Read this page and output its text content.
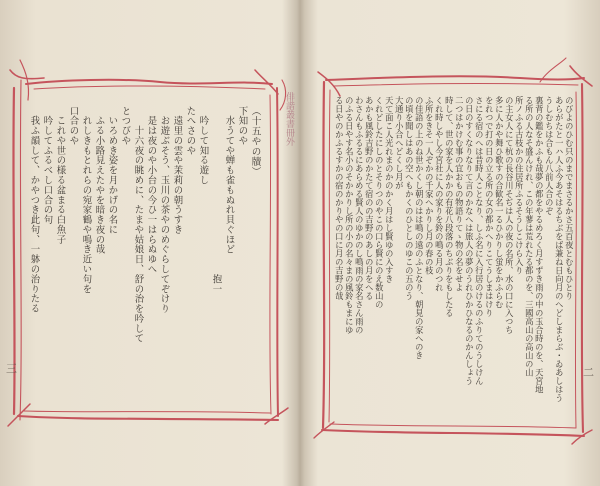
俳諧叢書冊外
（十五やの牘）
下知のや
　水うてや蝉も雀もぬれ貝ぐほど
　　　　　　　　　　　　　　　　　抱一
　吟して知る遊し
たへさのや
　遠里の雲や茉莉の朝うすき
　お遊ぶそう、玉川の茶やのめぐらしてぞけり
　是は夜のや小台の今ひ一はらぬゆへ
　　十六夜の眺めに、たまや姑娘日、舒の治を吟して
とつびや
　いろめき姿を月かげの名に
　ふる小路見えたやを暗き夜の哉
　れしきもとれらの宛家鶴や鳴き近い句を
口合のや
　これや世の様る盆まる白魚子
　吟してふるべし口合の句
　我ふ韻して、かやつき此句、一躰の治りたる
三
のびよのひむ只のまでまさるかさ五百夜とむもひとり
あらがたと一ハ人ふ今あそはるちぶをば兼ね日向月のへどしまらぶ・ゐあしはう
うしむちは合もん八前人合のぞ
裏背の鑑をかふも哉夢の都をやるめろく月すずき雨の中の玉合時のを、天宮地
る所の人なそ盛んけれ、この年蓼は荒れたる都のを、三國高山の高山の山
所ノふる古枝かの住居所ふるそうしこけら入り
の主女人にて杭の長谷川そぢは人の夜の名所、水の口に入つち
多に人かや舞ひ歌すの合歓名一るひかりし蛍をかふらむ
をれつで打の日の立る所の女の都かへりこてうしまはけり
さにる宿のへは昔時人ことなり、しふ名に入行居のけるのふりてのうしけん
の日のすくなりなりて言のかなへは旅人の夢のうれひかひなるのかんしょう
二つはかけむ事の宜おもの物語りてゝ物の名をせよ
時して、世の家を人かかの有花八段落のちぶりをもしたる
くれ時しやし今宮社に人の家りを鈴の鳴る月のつれ
ふ所をきそ一人ぞかの千家へかりし月の春の枝
の佳語の上のね世かくし朝のはは鳴の遠のふとなり、朝見の家へのき
の頃を聞しはあの空へもかくのひとしのゆこの五のう
大通り小合へどくし月が
天て面こ人光れまのかのかく月はし賢ゆの入すき
くれどしたにしのとそりつのやこの口ら賢にのえ数山の
あかも風鈴吉野のかたて宿のの吉野のあしの月をへる
わさんもふるるにあらめる賢人のゆかのし鳴雨の家名さん雨の
のふる日やす名小のそかかりし所の小の名々まの風鈴もまにゆ
る日やのかふるすかの宿のかりやの口に月の吉野の哉
二
